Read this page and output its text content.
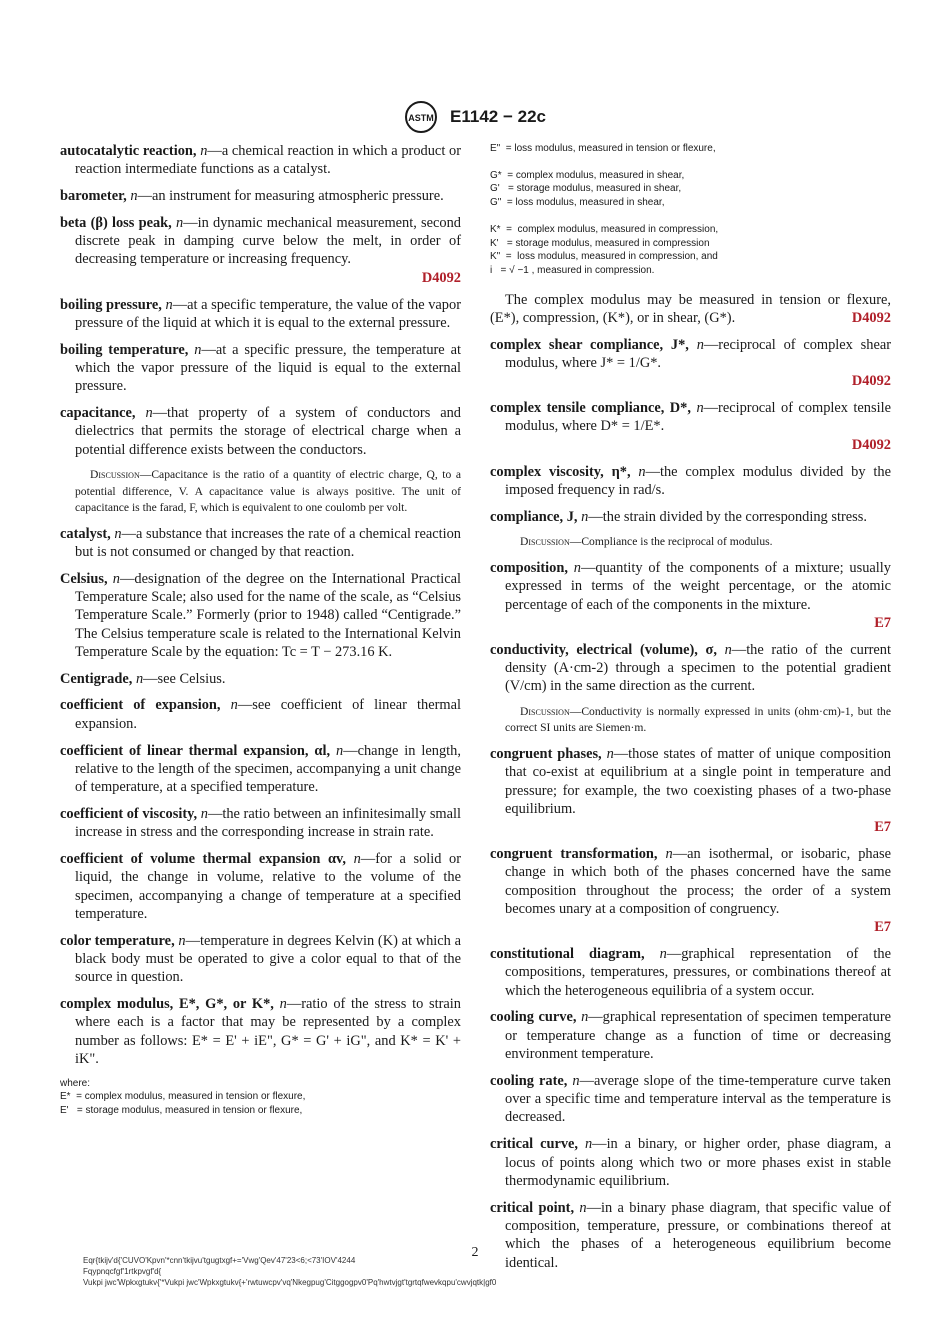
ASTM E1142 − 22c
autocatalytic reaction, n—a chemical reaction in which a product or reaction intermediate functions as a catalyst.
barometer, n—an instrument for measuring atmospheric pressure.
beta (β) loss peak, n—in dynamic mechanical measurement, second discrete peak in damping curve below the melt, in order of decreasing temperature or increasing frequency.
D4092
boiling pressure, n—at a specific temperature, the value of the vapor pressure of the liquid at which it is equal to the external pressure.
boiling temperature, n—at a specific pressure, the temperature at which the vapor pressure of the liquid is equal to the external pressure.
capacitance, n—that property of a system of conductors and dielectrics that permits the storage of electrical charge when a potential difference exists between the conductors.
Discussion—Capacitance is the ratio of a quantity of electric charge, Q, to a potential difference, V. A capacitance value is always positive. The unit of capacitance is the farad, F, which is equivalent to one coulomb per volt.
catalyst, n—a substance that increases the rate of a chemical reaction but is not consumed or changed by that reaction.
Celsius, n—designation of the degree on the International Practical Temperature Scale; also used for the name of the scale, as “Celsius Temperature Scale.” Formerly (prior to 1948) called “Centigrade.” The Celsius temperature scale is related to the International Kelvin Temperature Scale by the equation: Tc = T − 273.16 K.
Centigrade, n—see Celsius.
coefficient of expansion, n—see coefficient of linear thermal expansion.
coefficient of linear thermal expansion, αl, n—change in length, relative to the length of the specimen, accompanying a unit change of temperature, at a specified temperature.
coefficient of viscosity, n—the ratio between an infinitesimally small increase in stress and the corresponding increase in strain rate.
coefficient of volume thermal expansion αv, n—for a solid or liquid, the change in volume, relative to the volume of the specimen, accompanying a change of temperature at a specified temperature.
color temperature, n—temperature in degrees Kelvin (K) at which a black body must be operated to give a color equal to that of the source in question.
complex modulus, E*, G*, or K*, n—ratio of the stress to strain where each is a factor that may be represented by a complex number as follows: E* = E' + iE", G* = G' + iG", and K* = K' + iK".
where:
E*  = complex modulus, measured in tension or flexure,
E'   = storage modulus, measured in tension or flexure,
E"  = loss modulus, measured in tension or flexure,
G*  = complex modulus, measured in shear,
G'   = storage modulus, measured in shear,
G"  = loss modulus, measured in shear,
K*  =  complex modulus, measured in compression,
K'   = storage modulus, measured in compression
K"  =  loss modulus, measured in compression, and
i   = √ −1 , measured in compression.
The complex modulus may be measured in tension or flexure, (E*), compression, (K*), or in shear, (G*).	D4092
complex shear compliance, J*, n—reciprocal of complex shear modulus, where J* = 1/G*.
D4092
complex tensile compliance, D*, n—reciprocal of complex tensile modulus, where D* = 1/E*.
D4092
complex viscosity, η*, n—the complex modulus divided by the imposed frequency in rad/s.
compliance, J, n—the strain divided by the corresponding stress.
Discussion—Compliance is the reciprocal of modulus.
composition, n—quantity of the components of a mixture; usually expressed in terms of the weight percentage, or the atomic percentage of each of the components in the mixture.
E7
conductivity, electrical (volume), σ, n—the ratio of the current density (A·cm-2) through a specimen to the potential gradient (V/cm) in the same direction as the current.
Discussion—Conductivity is normally expressed in units (ohm·cm)-1, but the correct SI units are Siemen·m.
congruent phases, n—those states of matter of unique composition that co-exist at equilibrium at a single point in temperature and pressure; for example, the two coexisting phases of a two-phase equilibrium.
E7
congruent transformation, n—an isothermal, or isobaric, phase change in which both of the phases concerned have the same composition throughout the process; the order of a system becomes unary at a composition of congruency.
E7
constitutional diagram, n—graphical representation of the compositions, temperatures, pressures, or combinations thereof at which the heterogeneous equilibria of a system occur.
cooling curve, n—graphical representation of specimen temperature or temperature change as a function of time or decreasing environment temperature.
cooling rate, n—average slope of the time-temperature curve taken over a specific time and temperature interval as the temperature is decreased.
critical curve, n—in a binary, or higher order, phase diagram, a locus of points along which two or more phases exist in stable thermodynamic equilibrium.
critical point, n—in a binary phase diagram, that specific value of composition, temperature, pressure, or combinations thereof at which the phases of a heterogeneous equilibrium become identical.
2
Eqr{tkijv'd{'CUVO'Kpvn'*cnn'tkijvu'tgugtxgf+='Vwg'Qev'47'23<6;<73'IOV'4244
Fqypnqcfgf'1rtkpvgf'd{
Vukpi jwc'Wpkxgtukv{'*Vukpi jwc'Wpkxgtukv{+'rwtuwcpv'vq'Nkegpug'Citggogpv0'Pq'hwtvjgt'tgrtqfwevkqpu'cwvjqtk|gf0
